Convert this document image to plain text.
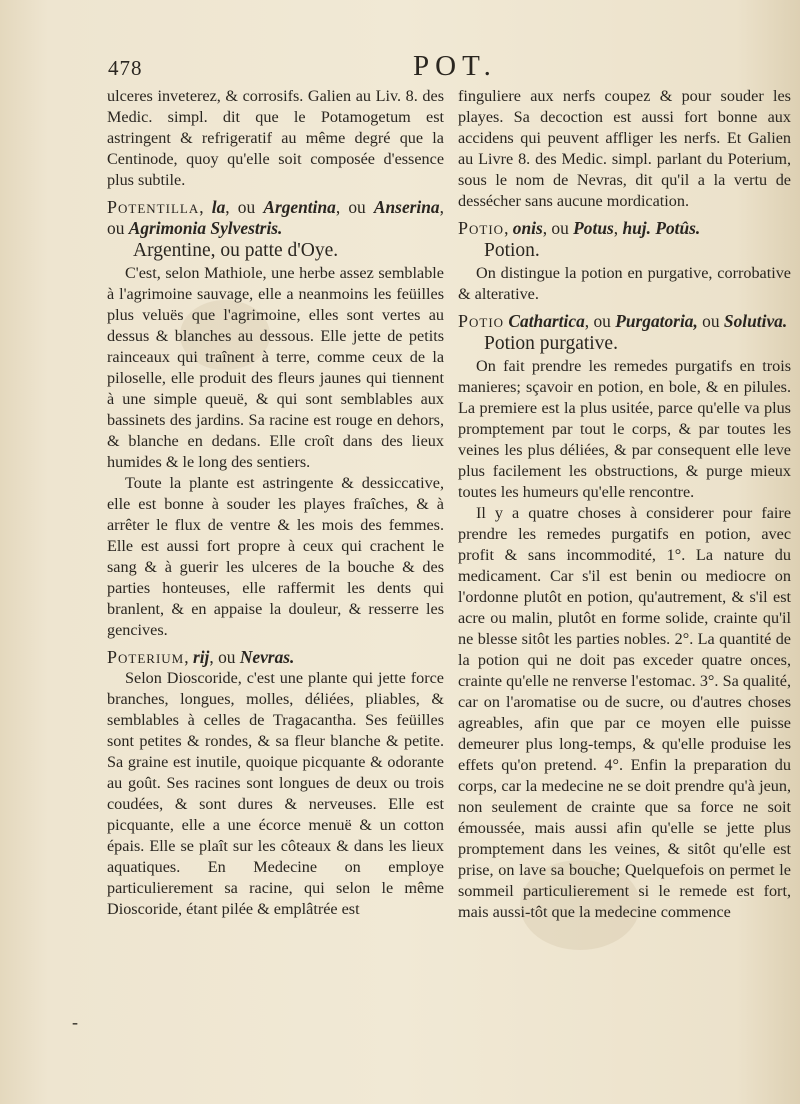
478	POT.

ulceres inveterez, & corrosifs. Galien au Liv. 8. des Medic. simpl. dit que le Potamogetum est astringent & refrigeratif au même degré que la Centinode, quoy qu'elle soit composée d'essence plus subtile.

Potentilla, la, ou Argentina, ou Anserina, ou Agrimonia Sylvestris.

Argentine, ou patte d'Oye.

C'est, selon Mathiole, une herbe assez semblable à l'agrimoine sauvage, elle a neanmoins les feüilles plus veluës que l'agrimoine, elles sont vertes au dessus & blanches au dessous. Elle jette de petits rainceaux qui traînent à terre, comme ceux de la piloselle, elle produit des fleurs jaunes qui tiennent à une simple queuë, & qui sont semblables aux bassinets des jardins. Sa racine est rouge en dehors, & blanche en dedans. Elle croît dans des lieux humides & le long des sentiers.

Toute la plante est astringente & dessiccative, elle est bonne à souder les playes fraîches, & à arrêter le flux de ventre & les mois des femmes. Elle est aussi fort propre à ceux qui crachent le sang & à guerir les ulceres de la bouche & des parties honteuses, elle raffermit les dents qui branlent, & en appaise la douleur, & resserre les gencives.

Poterium, rij, ou Nevras.

Selon Dioscoride, c'est une plante qui jette force branches, longues, molles, déliées, pliables, & semblables à celles de Tragacantha. Ses feüilles sont petites & rondes, & sa fleur blanche & petite. Sa graine est inutile, quoique picquante & odorante au goût. Ses racines sont longues de deux ou trois coudées, & sont dures & nerveuses. Elle est picquante, elle a une écorce menuë & un cotton épais. Elle se plaît sur les côteaux & dans les lieux aquatiques. En Medecine on employe particulierement sa racine, qui selon le même Dioscoride, étant pilée & emplâtrée est

finguliere aux nerfs coupez & pour souder les playes. Sa decoction est aussi fort bonne aux accidens qui peuvent affliger les nerfs. Et Galien au Livre 8. des Medic. simpl. parlant du Poterium, sous le nom de Nevras, dit qu'il a la vertu de dessécher sans aucune mordication.

Potio, onis, ou Potus, huj. Potûs.

Potion.

On distingue la potion en purgative, corrobative & alterative.

Potio Cathartica, ou Purgatoria, ou Solutiva.

Potion purgative.

On fait prendre les remedes purgatifs en trois manieres; sçavoir en potion, en bole, & en pilules. La premiere est la plus usitée, parce qu'elle va plus promptement par tout le corps, & par toutes les veines les plus déliées, & par consequent elle leve plus facilement les obstructions, & purge mieux toutes les humeurs qu'elle rencontre.

Il y a quatre choses à considerer pour faire prendre les remedes purgatifs en potion, avec profit & sans incommodité, 1°. La nature du medicament. Car s'il est benin ou mediocre on l'ordonne plutôt en potion, qu'autrement, & s'il est acre ou malin, plutôt en forme solide, crainte qu'il ne blesse sitôt les parties nobles. 2°. La quantité de la potion qui ne doit pas exceder quatre onces, crainte qu'elle ne renverse l'estomac. 3°. Sa qualité, car on l'aromatise ou de sucre, ou d'autres choses agreables, afin que par ce moyen elle puisse demeurer plus long-temps, & qu'elle produise les effets qu'on pretend. 4°. Enfin la preparation du corps, car la medecine ne se doit prendre qu'à jeun, non seulement de crainte que sa force ne soit émoussée, mais aussi afin qu'elle se jette plus promptement dans les veines, & sitôt qu'elle est prise, on lave sa bouche; Quelquefois on permet le sommeil particulierement si le remede est fort, mais aussi-tôt que la medecine commence

-
